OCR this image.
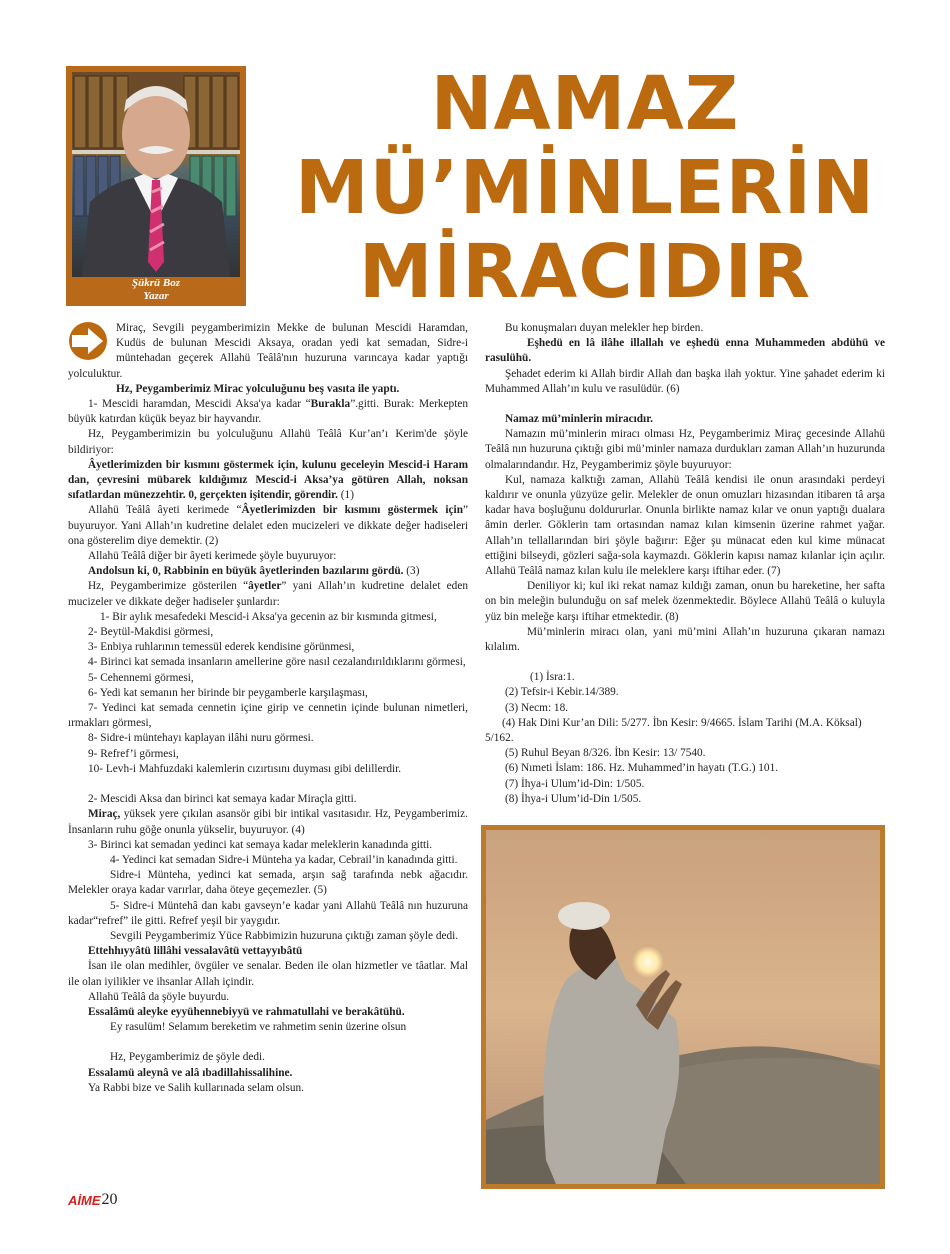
Şükrü Boz
Yazar
NAMAZ
MÜ’MİNLERİN
MİRACIDIR

Miraç, Sevgili peygamberimizin Mekke de bulunan Mescidi Haramdan, Kudüs de bulunan Mescidi Aksaya, oradan yedi kat semadan, Sidre-i müntehadan geçerek Allahü Teâlâ'nın huzuruna varıncaya kadar yaptığı yolculuktur.

Hz, Peygamberimiz Mirac yolculuğunu beş vasıta ile yaptı.

1- Mescidi haramdan, Mescidi Aksa'ya kadar “Burakla”.gitti. Burak: Merkepten büyük katırdan küçük beyaz bir hayvandır.

Hz, Peygamberimizin bu yolculuğunu Allahü Teâlâ Kur’an’ı Kerim'de şöyle bildiriyor:

Âyetlerimizden bir kısmını göstermek için, kulunu geceleyin Mescid-i Haram dan, çevresini mübarek kıldığımız Mescid-i Aksa’ya götüren Allah, noksan sıfatlardan münezzehtir. 0, gerçekten işitendir, görendir. (1)

Allahü Teâlâ âyeti kerimede “Âyetlerimizden bir kısmını göstermek için” buyuruyor. Yani Allah’ın kudretine delalet eden mucizeleri ve dikkate değer hadiseleri ona gösterelim diye demektir. (2)

Allahü Teâlâ diğer bir âyeti kerimede şöyle buyuruyor:

Andolsun ki, 0, Rabbinin en büyük âyetlerinden bazılarını gördü. (3)

Hz, Peygamberimize gösterilen “âyetler” yani Allah’ın kudretine delalet eden mucizeler ve dikkate değer hadiseler şunlardır:

1- Bir aylık mesafedeki Mescid-i Aksa'ya gecenin az bir kısmında gitmesi,

2- Beytül-Makdisi görmesi,

3- Enbiya ruhlarının temessül ederek kendisine görünmesi,

4- Birinci kat semada insanların amellerine göre nasıl cezalandırıldıklarını görmesi,

5- Cehennemi görmesi,

6- Yedi kat semanın her birinde bir peygamberle karşılaşması,

7- Yedinci kat semada cennetin içine girip ve cennetin içinde bulunan nimetleri, ırmakları görmesi,

8- Sidre-i müntehayı kaplayan ilâhi nuru görmesi.

9- Refref’i görmesi,

10- Levh-i Mahfuzdaki kalemlerin cızırtısını duyması gibi delillerdir.

2- Mescidi Aksa dan birinci kat semaya kadar Miraçla gitti.

Miraç, yüksek yere çıkılan asansör gibi bir intikal vasıtasıdır. Hz, Peygamberimiz. İnsanların ruhu göğe onunla yükselir, buyuruyor. (4)

3- Birinci kat semadan yedinci kat semaya kadar meleklerin kanadında gitti.

4- Yedinci kat semadan Sidre-i Münteha ya kadar, Cebrail’in kanadında gitti.

Sidre-i Münteha, yedinci kat semada, arşın sağ tarafında nebk ağacıdır. Melekler oraya kadar varırlar, daha öteye geçemezler. (5)

5- Sidre-i Müntehâ dan kabı gavseyn’e kadar yani Allahü Teâlâ nın huzuruna kadar“refref” ile gitti. Refref yeşil bir yaygıdır.

Sevgili Peygamberimiz Yüce Rabbimizin huzuruna çıktığı zaman şöyle dedi.

Ettehhıyyâtü lillâhi vessalavâtü vettayyıbâtü

İsan ile olan medihler, övgüler ve senalar. Beden ile olan hizmetler ve tâatlar. Mal ile olan iyilikler ve ihsanlar Allah içindir.

Allahü Teâlâ da şöyle buyurdu.

Essalâmü aleyke eyyühennebiyyü ve rahmatullahi ve berakâtühü.

Ey rasulüm! Selamım bereketim ve rahmetim senin üzerine olsun

Hz, Peygamberimiz de şöyle dedi.

Essalamü aleynâ ve alâ ıbadillahissalihine.

Ya Rabbi bize ve Salih kullarınada selam olsun.

Bu konuşmaları duyan melekler hep birden.

Eşhedü en lâ ilâhe illallah ve eşhedü enna Muhammeden abdühü ve rasulühü.

Şehadet ederim ki Allah birdir Allah dan başka ilah yoktur. Yine şahadet ederim ki Muhammed Allah’ın kulu ve rasulüdür. (6)

Namaz mü’minlerin miracıdır.

Namazın mü’minlerin miracı olması Hz, Peygamberimiz Miraç gecesinde Allahü Teâlâ nın huzuruna çıktığı gibi mü’minler namaza durdukları zaman Allah’ın huzurunda olmalarındandır. Hz, Peygamberimiz şöyle buyuruyor:

Kul, namaza kalktığı zaman, Allahü Teâlâ kendisi ile onun arasındaki perdeyi kaldırır ve onunla yüzyüze gelir. Melekler de onun omuzları hizasından itibaren tâ arşa kadar hava boşluğunu doldururlar. Onunla birlikte namaz kılar ve onun yaptığı dualara âmin derler. Göklerin tam ortasından namaz kılan kimsenin üzerine rahmet yağar. Allah’ın tellallarından biri şöyle bağırır: Eğer şu münacat eden kul kime münacat ettiğini bilseydi, gözleri sağa-sola kaymazdı. Göklerin kapısı namaz kılanlar için açılır. Allahü Teâlâ namaz kılan kulu ile meleklere karşı iftihar eder. (7)

Deniliyor ki; kul iki rekat namaz kıldığı zaman, onun bu hareketine, her safta on bin meleğin bulunduğu on saf melek özenmektedir. Böylece Allahü Teâlâ o kuluyla yüz bin meleğe karşı iftihar etmektedir. (8)

Mü’minlerin miracı olan, yani mü’mini Allah’ın huzuruna çıkaran namazı kılalım.

(1) İsra:1.

(2) Tefsir-i Kebir.14/389.

(3) Necm: 18.

(4) Hak Dini Kur’an Dili: 5/277. İbn Kesir: 9/4665. İslam Tarihi (M.A. Köksal) 5/162.

(5) Ruhul Beyan 8/326. İbn Kesir: 13/ 7540.

(6) Nımeti İslam: 186. Hz. Muhammed’in hayatı (T.G.) 101.

(7) İhya-i Ulum’id-Din: 1/505.

(8) İhya-i Ulum’id-Din 1/505.

AİME 20
